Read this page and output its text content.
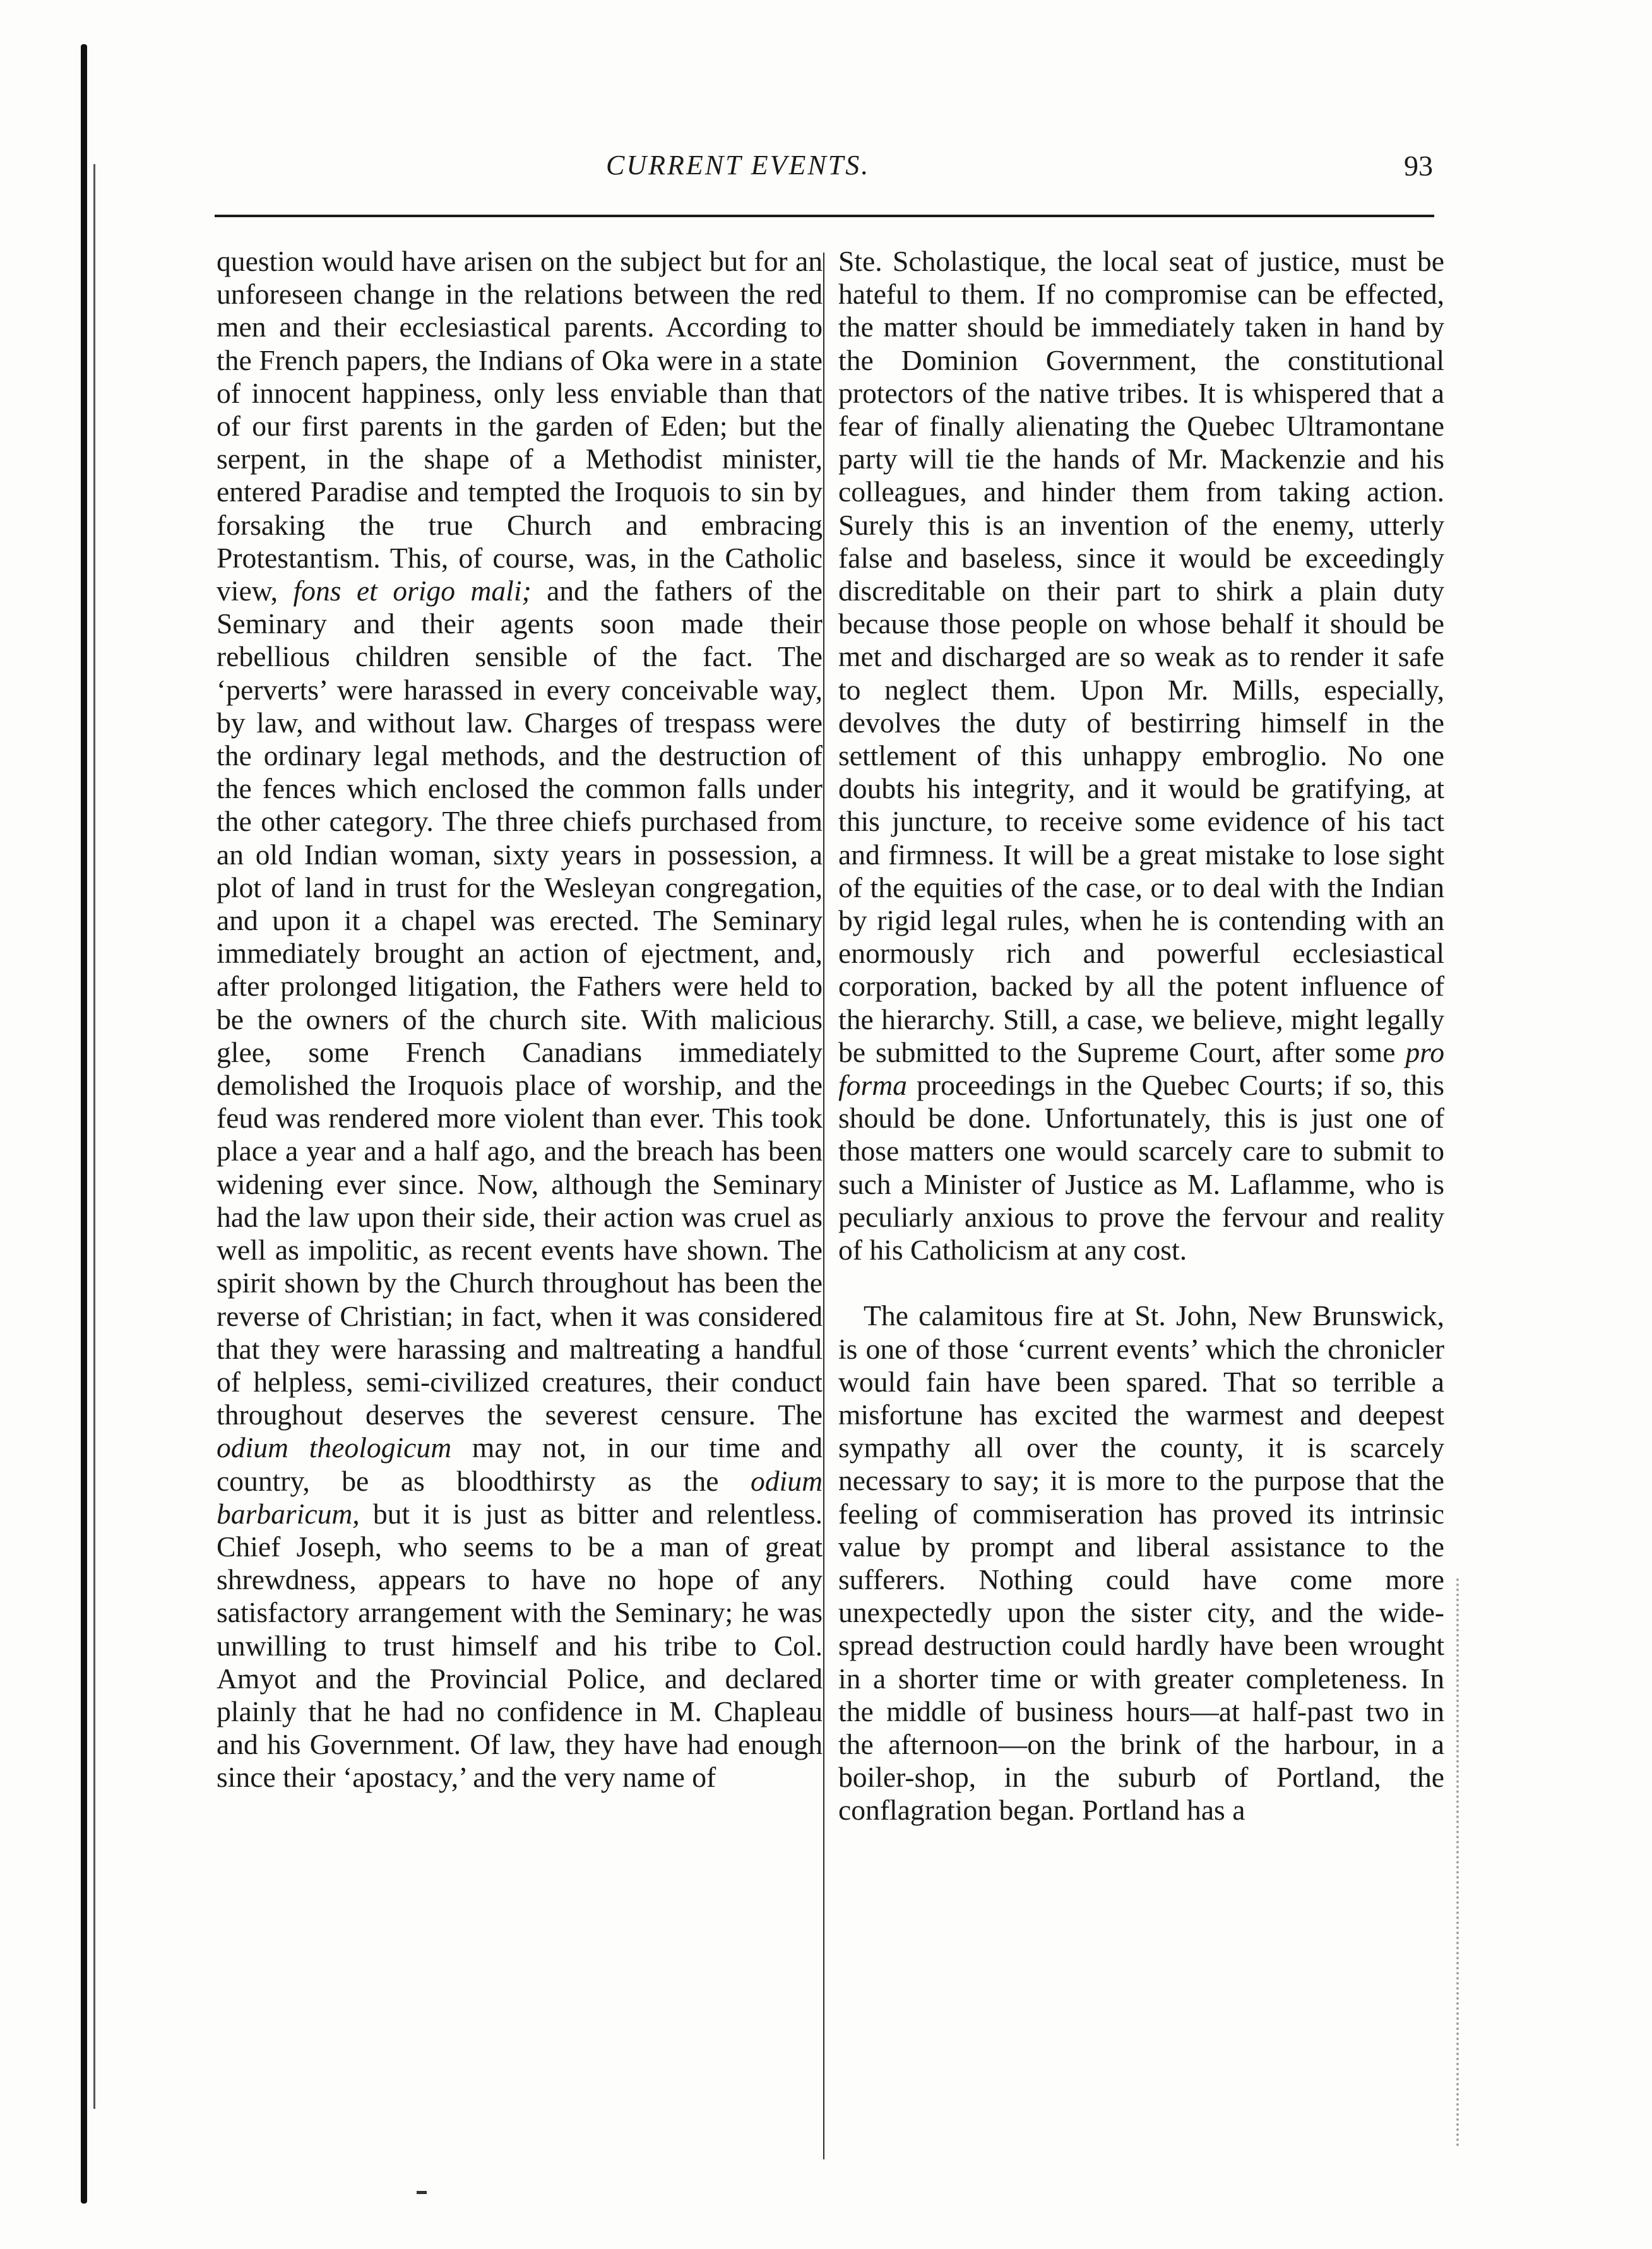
CURRENT EVENTS.	93

question would have arisen on the subject but for an unforeseen change in the relations between the red men and their ecclesiastical parents. According to the French papers, the Indians of Oka were in a state of innocent happiness, only less enviable than that of our first parents in the garden of Eden; but the serpent, in the shape of a Methodist minister, entered Paradise and tempted the Iroquois to sin by forsaking the true Church and embracing Protestantism. This, of course, was, in the Catholic view, fons et origo mali; and the fathers of the Seminary and their agents soon made their rebellious children sensible of the fact. The ‘perverts’ were harassed in every conceivable way, by law, and without law. Charges of trespass were the ordinary legal methods, and the destruction of the fences which enclosed the common falls under the other category. The three chiefs purchased from an old Indian woman, sixty years in possession, a plot of land in trust for the Wesleyan congregation, and upon it a chapel was erected. The Seminary immediately brought an action of ejectment, and, after prolonged litigation, the Fathers were held to be the owners of the church site. With malicious glee, some French Canadians immediately demolished the Iroquois place of worship, and the feud was rendered more violent than ever. This took place a year and a half ago, and the breach has been widening ever since. Now, although the Seminary had the law upon their side, their action was cruel as well as impolitic, as recent events have shown. The spirit shown by the Church throughout has been the reverse of Christian; in fact, when it was considered that they were harassing and maltreating a handful of helpless, semi-civilized creatures, their conduct throughout deserves the severest censure. The odium theologicum may not, in our time and country, be as bloodthirsty as the odium barbaricum, but it is just as bitter and relentless. Chief Joseph, who seems to be a man of great shrewdness, appears to have no hope of any satisfactory arrangement with the Seminary; he was unwilling to trust himself and his tribe to Col. Amyot and the Provincial Police, and declared plainly that he had no confidence in M. Chapleau and his Government. Of law, they have had enough since their ‘apostacy,’ and the very name of

Ste. Scholastique, the local seat of justice, must be hateful to them. If no compromise can be effected, the matter should be immediately taken in hand by the Dominion Government, the constitutional protectors of the native tribes. It is whispered that a fear of finally alienating the Quebec Ultramontane party will tie the hands of Mr. Mackenzie and his colleagues, and hinder them from taking action. Surely this is an invention of the enemy, utterly false and baseless, since it would be exceedingly discreditable on their part to shirk a plain duty because those people on whose behalf it should be met and discharged are so weak as to render it safe to neglect them. Upon Mr. Mills, especially, devolves the duty of bestirring himself in the settlement of this unhappy embroglio. No one doubts his integrity, and it would be gratifying, at this juncture, to receive some evidence of his tact and firmness. It will be a great mistake to lose sight of the equities of the case, or to deal with the Indian by rigid legal rules, when he is contending with an enormously rich and powerful ecclesiastical corporation, backed by all the potent influence of the hierarchy. Still, a case, we believe, might legally be submitted to the Supreme Court, after some pro forma proceedings in the Quebec Courts; if so, this should be done. Unfortunately, this is just one of those matters one would scarcely care to submit to such a Minister of Justice as M. Laflamme, who is peculiarly anxious to prove the fervour and reality of his Catholicism at any cost.

The calamitous fire at St. John, New Brunswick, is one of those ‘current events’ which the chronicler would fain have been spared. That so terrible a misfortune has excited the warmest and deepest sympathy all over the county, it is scarcely necessary to say; it is more to the purpose that the feeling of commiseration has proved its intrinsic value by prompt and liberal assistance to the sufferers. Nothing could have come more unexpectedly upon the sister city, and the wide-spread destruction could hardly have been wrought in a shorter time or with greater completeness. In the middle of business hours—at half-past two in the afternoon—on the brink of the harbour, in a boiler-shop, in the suburb of Portland, the conflagration began. Portland has a
